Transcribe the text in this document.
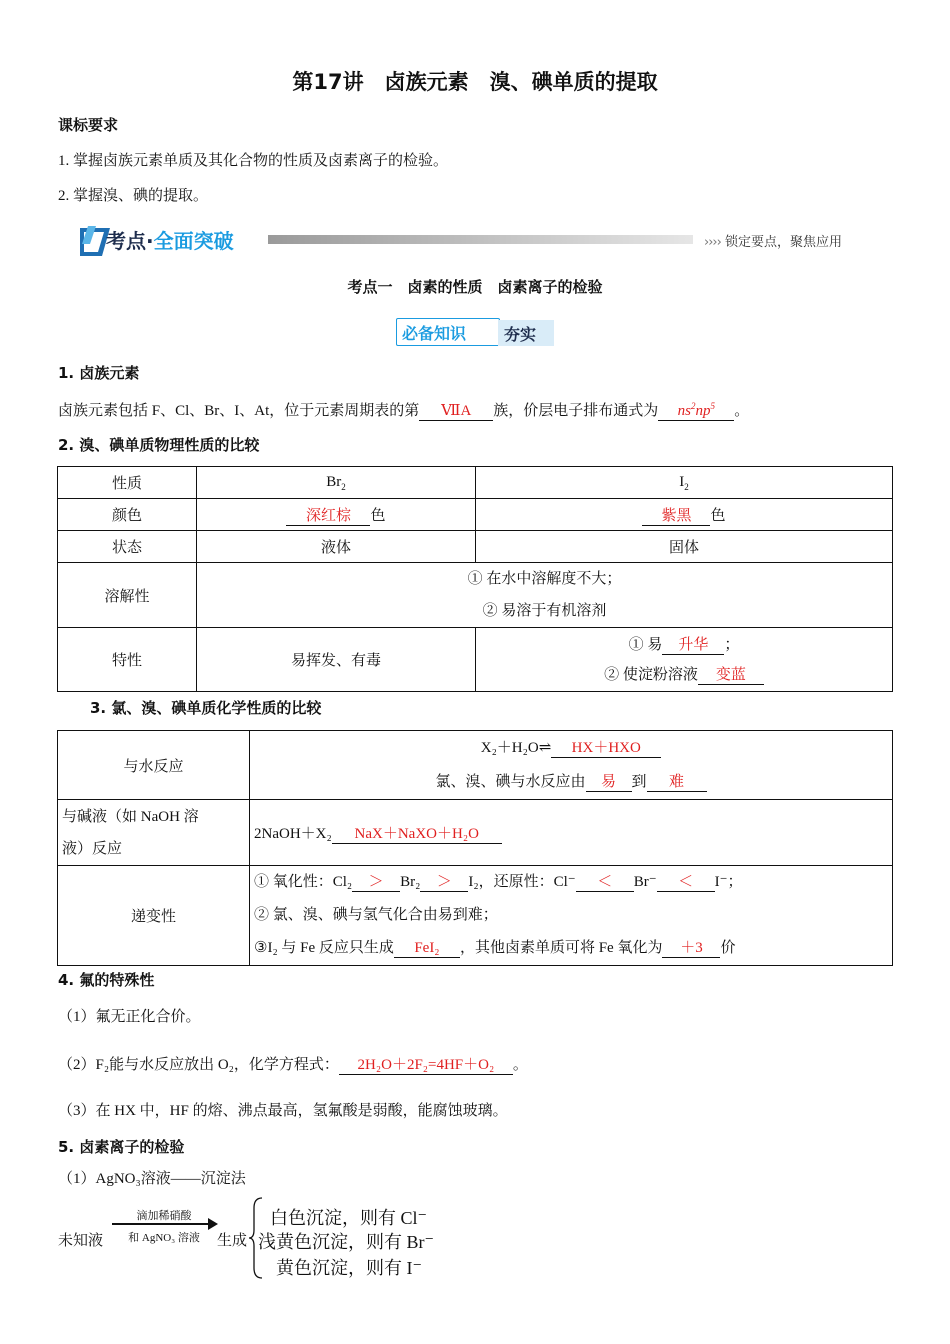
第17讲　卤族元素　溴、碘单质的提取
课标要求
1. 掌握卤族元素单质及其化合物的性质及卤素离子的检验。
2. 掌握溴、碘的提取。
考点·全面突破	›››› 锁定要点，聚焦应用
考点一　卤素的性质　卤素离子的检验
必备知识 夯实
1. 卤族元素
卤族元素包括 F、Cl、Br、I、At，位于元素周期表的第 ⅦA 族，价层电子排布通式为 $ns^2np^5$ 。
2. 溴、碘单质物理性质的比较
性质	$Br_2$	$I_2$
颜色	深红棕 色	紫黑 色
状态	液体	固体
溶解性	① 在水中溶解度不大；
② 易溶于有机溶剂	

特性	易挥发、有毒	① 易 升华 ；
② 使淀粉溶液 变蓝
3. 氯、溴、碘单质化学性质的比较
与水反应	X₂＋H₂O⇌ HX＋HXO
氯、溴、碘与水反应由 易 到 难

与碱液（如 NaOH 溶
液）反应	2NaOH＋X₂ NaX＋NaXO＋H₂O
递变性	① 氧化性：Cl₂ ＞ Br₂ ＞ I₂，还原性：Cl⁻ ＜ Br⁻ ＜ I⁻；
② 氯、溴、碘与氢气化合由易到难；
③I₂ 与 Fe 反应只生成 FeI₂ ，其他卤素单质可将 Fe 氧化为 ＋3 价
4. 氟的特殊性
（1）氟无正化合价。
（2）F₂能与水反应放出 O₂，化学方程式： 2H₂O＋2F₂=4HF＋O₂ 。
（3）在 HX 中，HF 的熔、沸点最高，氢氟酸是弱酸，能腐蚀玻璃。
5. 卤素离子的检验
（1）AgNO₃溶液——沉淀法
未知液
滴加稀硝酸
和 AgNO₃ 溶液	生成
白色沉淀，则有 Cl⁻
浅黄色沉淀，则有 Br⁻
黄色沉淀，则有 I⁻
